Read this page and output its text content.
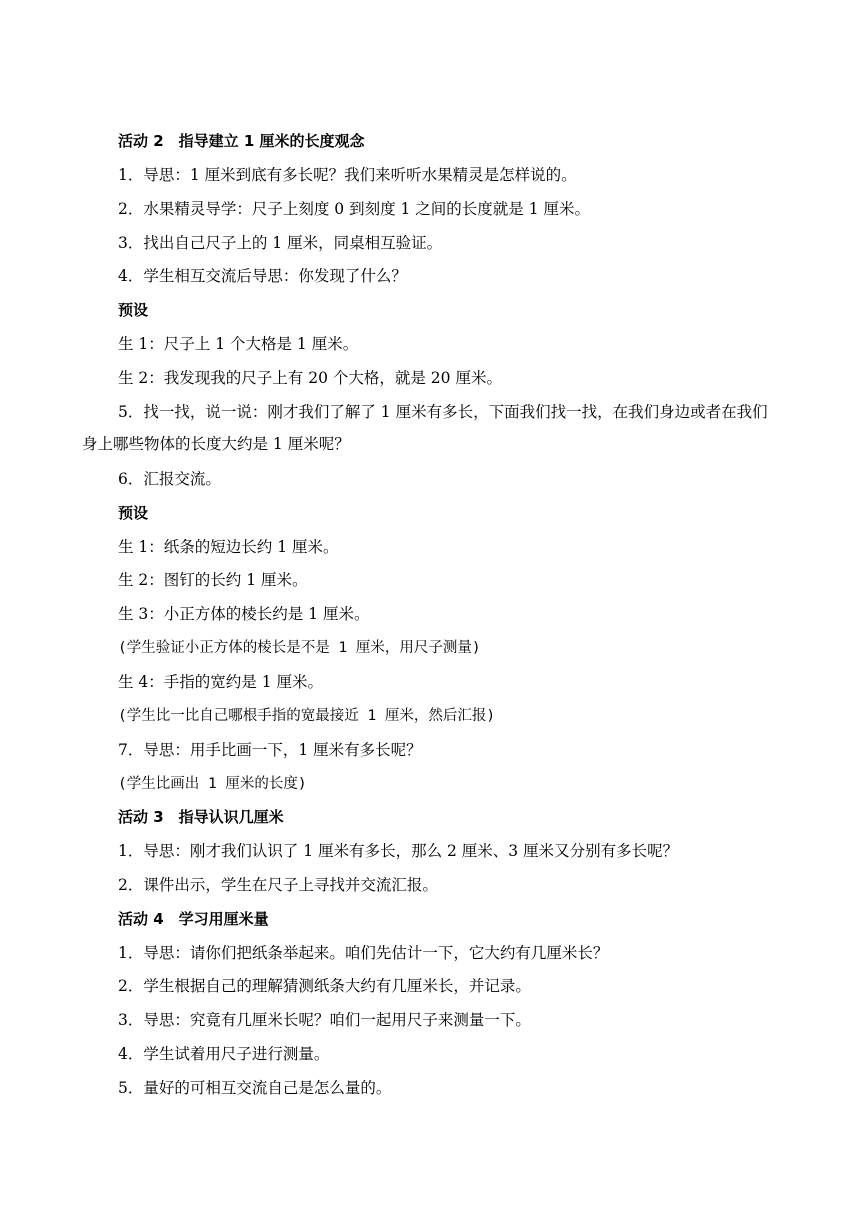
活动 2　指导建立 1 厘米的长度观念
1．导思：1 厘米到底有多长呢？我们来听听水果精灵是怎样说的。
2．水果精灵导学：尺子上刻度 0 到刻度 1 之间的长度就是 1 厘米。
3．找出自己尺子上的 1 厘米，同桌相互验证。
4．学生相互交流后导思：你发现了什么？
预设
生 1：尺子上 1 个大格是 1 厘米。
生 2：我发现我的尺子上有 20 个大格，就是 20 厘米。
5．找一找，说一说：刚才我们了解了 1 厘米有多长，下面我们找一找，在我们身边或者在我们身上哪些物体的长度大约是 1 厘米呢？
6．汇报交流。
预设
生 1：纸条的短边长约 1 厘米。
生 2：图钉的长约 1 厘米。
生 3：小正方体的棱长约是 1 厘米。
(学生验证小正方体的棱长是不是 1 厘米，用尺子测量)
生 4：手指的宽约是 1 厘米。
(学生比一比自己哪根手指的宽最接近 1 厘米，然后汇报)
7．导思：用手比画一下，1 厘米有多长呢？
(学生比画出 1 厘米的长度)
活动 3　指导认识几厘米
1．导思：刚才我们认识了 1 厘米有多长，那么 2 厘米、3 厘米又分别有多长呢？
2．课件出示，学生在尺子上寻找并交流汇报。
活动 4　学习用厘米量
1．导思：请你们把纸条举起来。咱们先估计一下，它大约有几厘米长？
2．学生根据自己的理解猜测纸条大约有几厘米长，并记录。
3．导思：究竟有几厘米长呢？咱们一起用尺子来测量一下。
4．学生试着用尺子进行测量。
5．量好的可相互交流自己是怎么量的。
